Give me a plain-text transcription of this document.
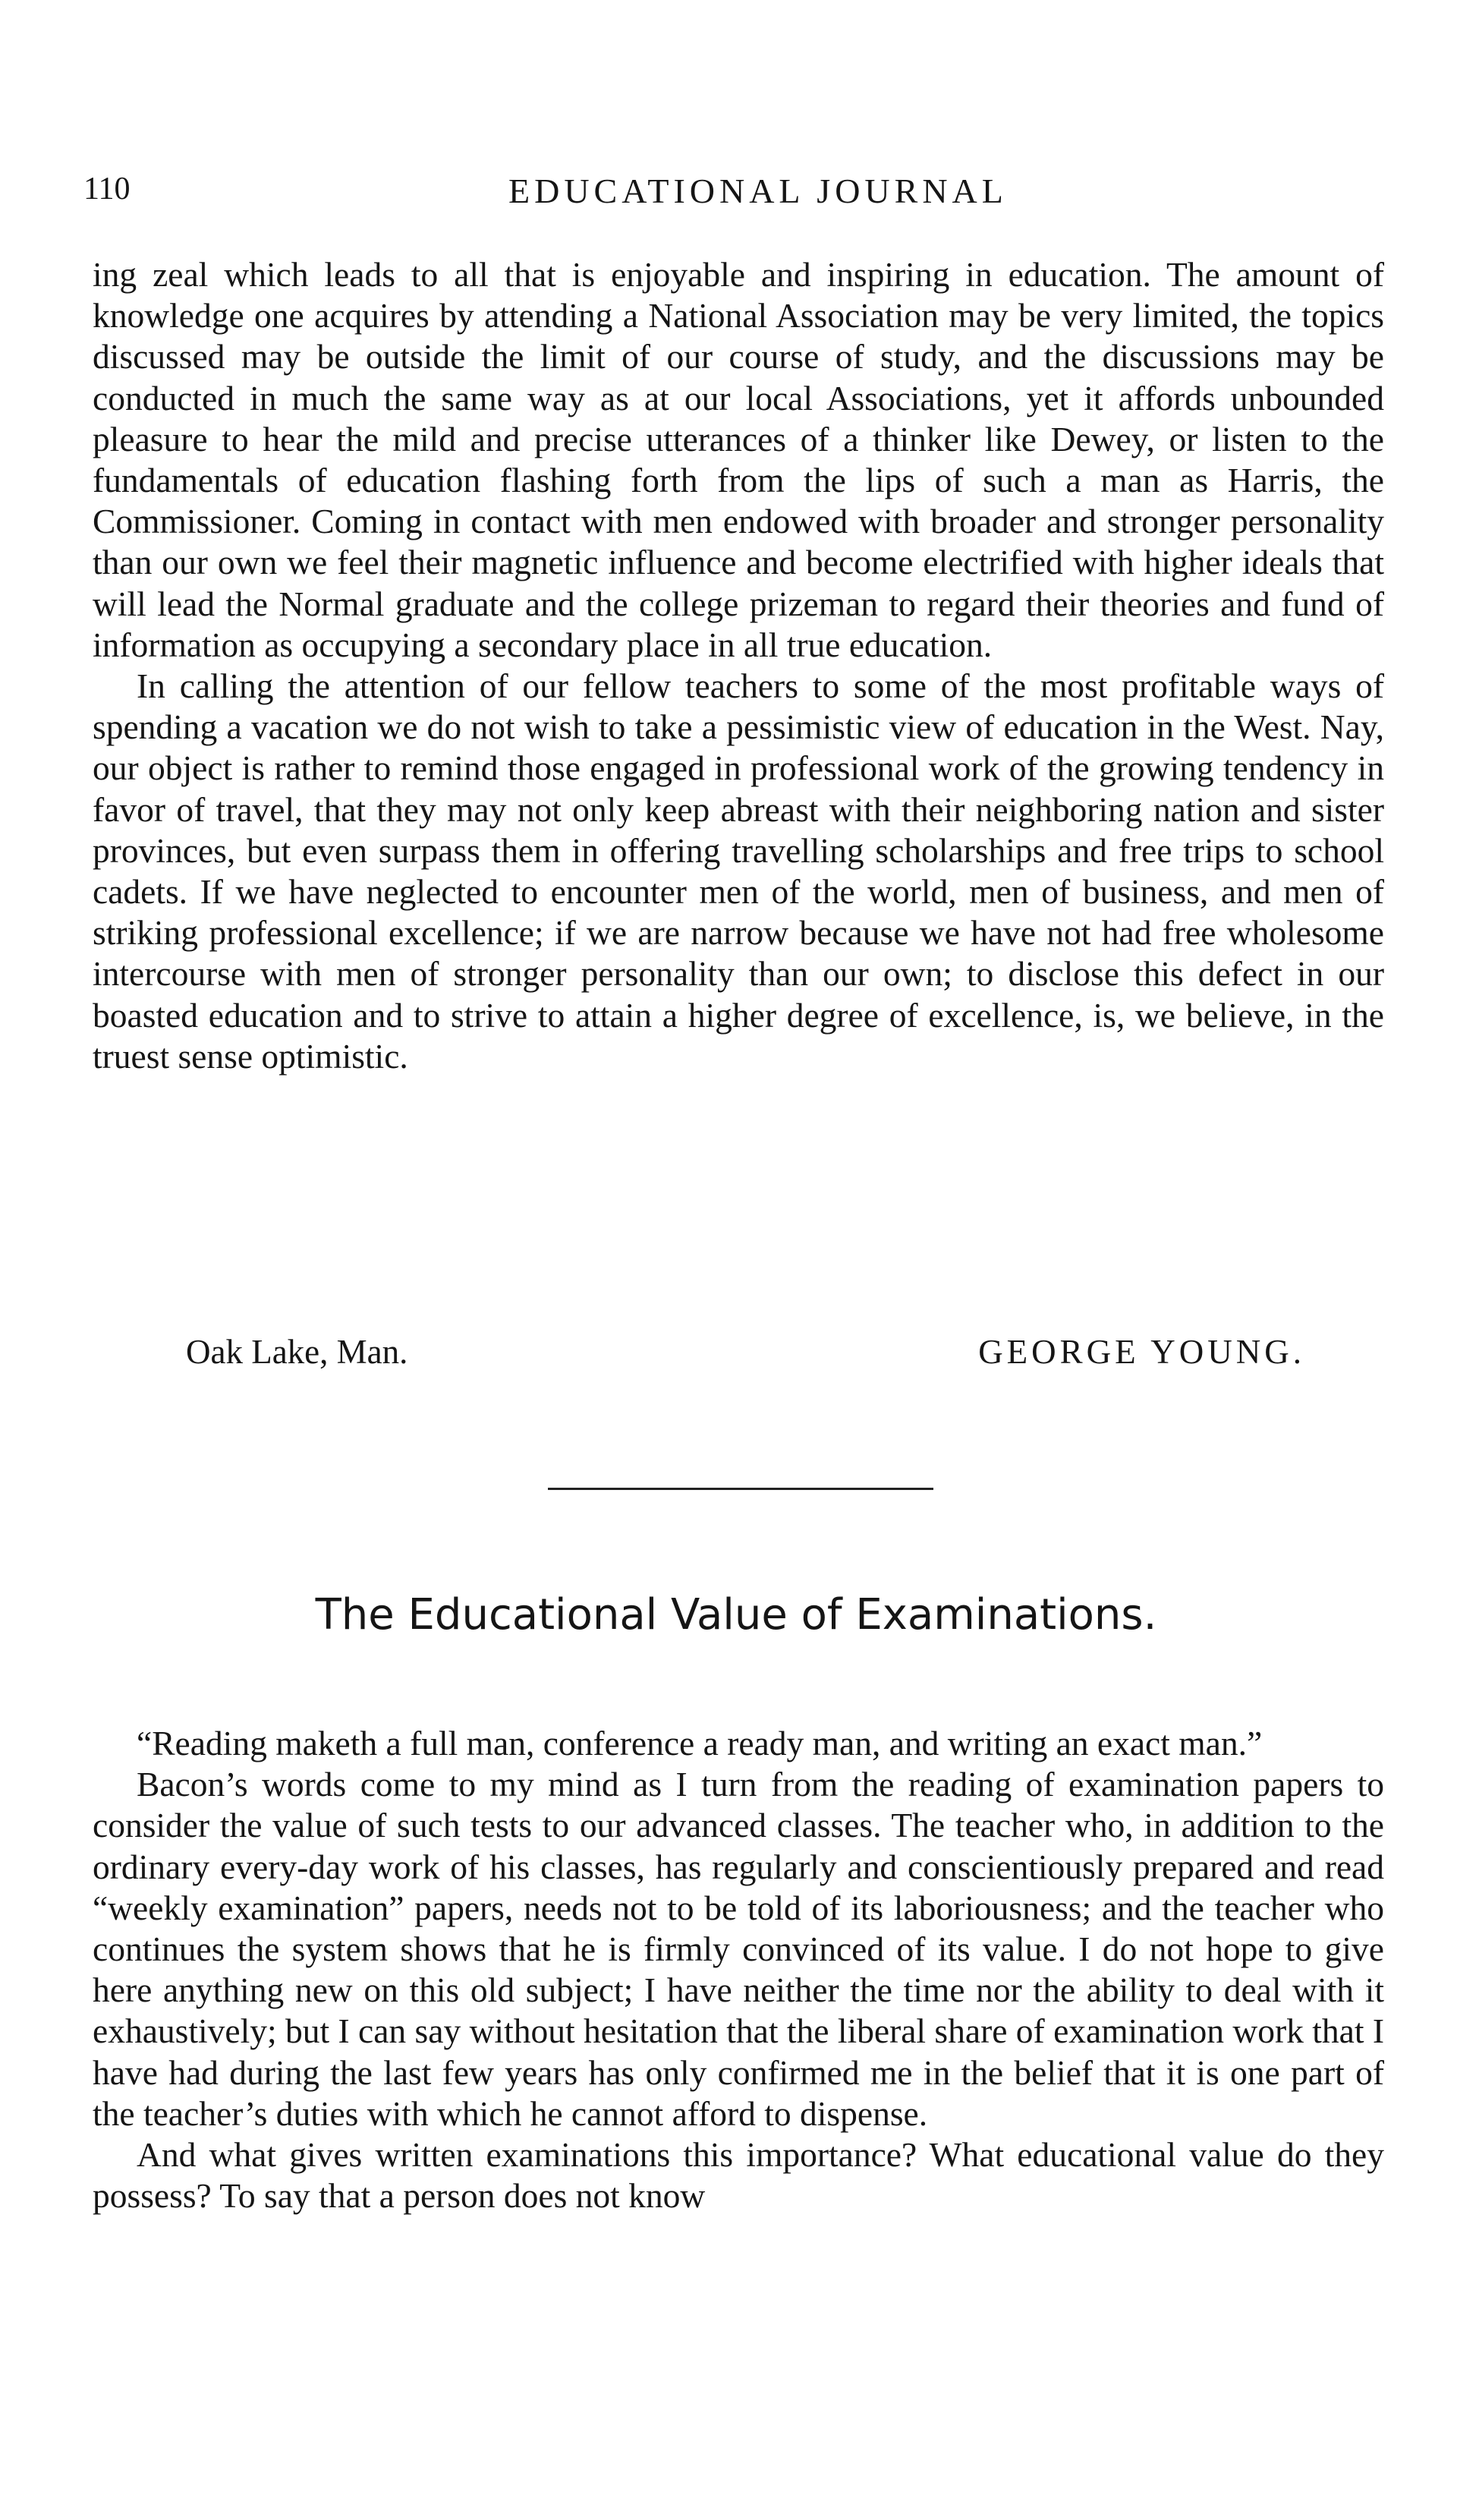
110	EDUCATIONAL JOURNAL

ing zeal which leads to all that is enjoyable and inspiring in education. The amount of knowledge one acquires by attending a National Association may be very limited, the topics discussed may be outside the limit of our course of study, and the discussions may be conducted in much the same way as at our local Associations, yet it affords unbounded pleasure to hear the mild and precise utterances of a thinker like Dewey, or listen to the fundamentals of education flashing forth from the lips of such a man as Harris, the Commissioner. Coming in contact with men endowed with broader and stronger personality than our own we feel their magnetic influence and become electrified with higher ideals that will lead the Normal graduate and the college prizeman to regard their theories and fund of information as occupying a secondary place in all true education.

In calling the attention of our fellow teachers to some of the most profitable ways of spending a vacation we do not wish to take a pessimistic view of education in the West. Nay, our object is rather to remind those engaged in professional work of the growing tendency in favor of travel, that they may not only keep abreast with their neighboring nation and sister provinces, but even surpass them in offering travelling scholarships and free trips to school cadets. If we have neglected to encounter men of the world, men of business, and men of striking professional excellence; if we are narrow because we have not had free wholesome intercourse with men of stronger personality than our own; to disclose this defect in our boasted education and to strive to attain a higher degree of excellence, is, we believe, in the truest sense optimistic.

Oak Lake, Man.	GEORGE YOUNG.
The Educational Value of Examinations.

“Reading maketh a full man, conference a ready man, and writing an exact man.”

Bacon’s words come to my mind as I turn from the reading of examination papers to consider the value of such tests to our advanced classes. The teacher who, in addition to the ordinary every-day work of his classes, has regularly and conscientiously prepared and read “weekly examination” papers, needs not to be told of its laboriousness; and the teacher who continues the system shows that he is firmly convinced of its value. I do not hope to give here anything new on this old subject; I have neither the time nor the ability to deal with it exhaustively; but I can say without hesitation that the liberal share of examination work that I have had during the last few years has only confirmed me in the belief that it is one part of the teacher’s duties with which he cannot afford to dispense.

And what gives written examinations this importance? What educational value do they possess? To say that a person does not know
